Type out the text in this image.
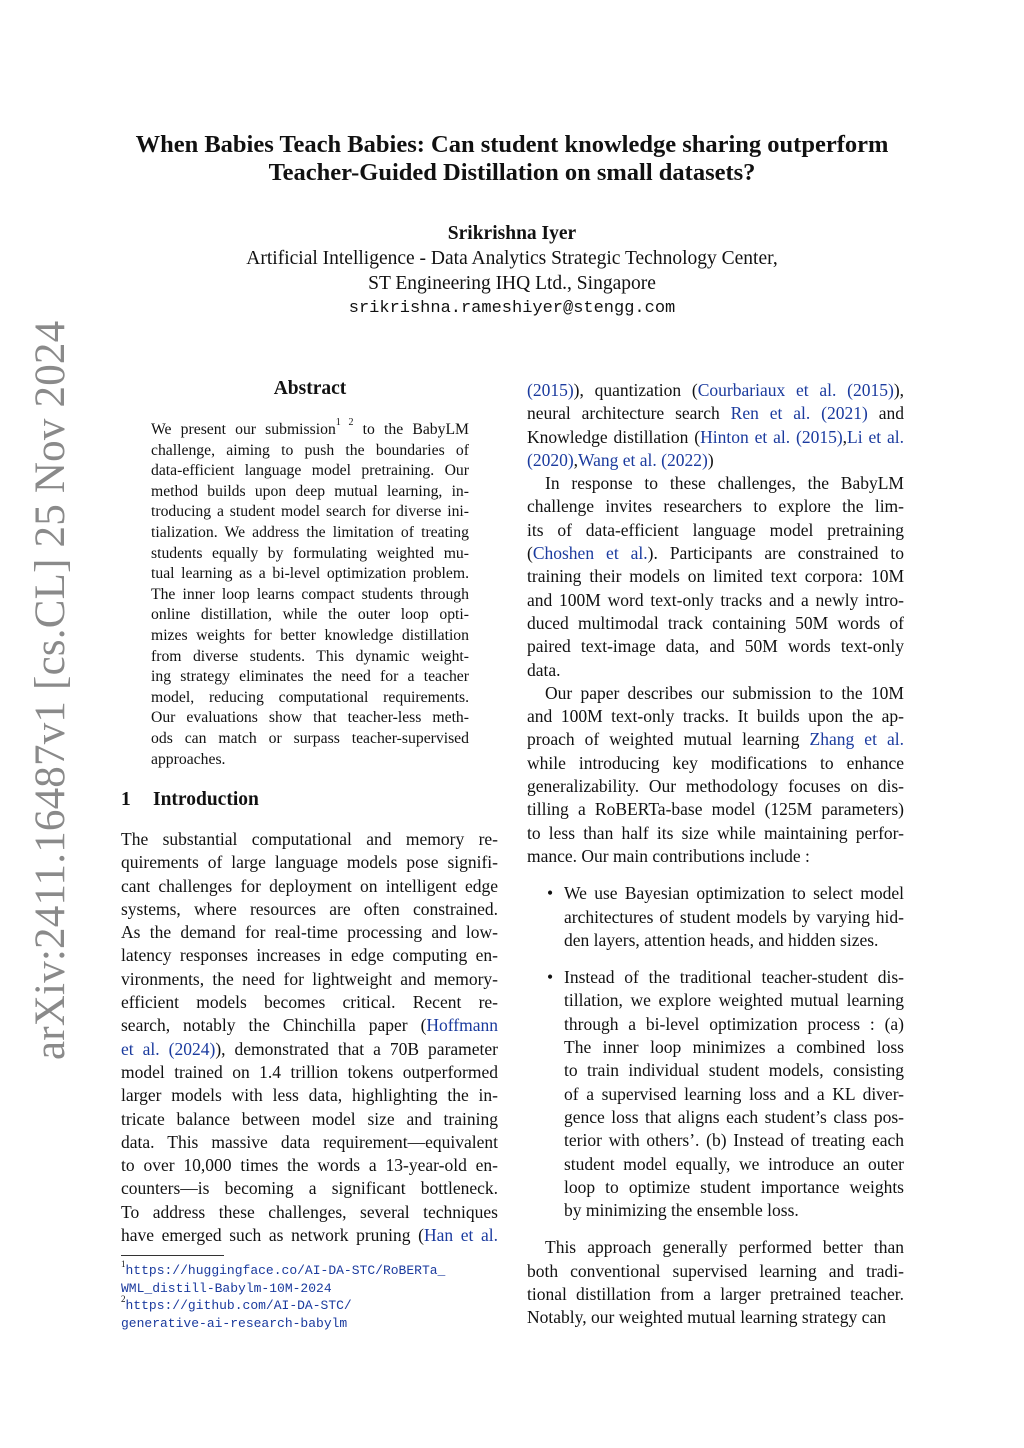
arXiv:2411.16487v1 [cs.CL] 25 Nov 2024
When Babies Teach Babies: Can student knowledge sharing outperform
Teacher-Guided Distillation on small datasets?
Srikrishna Iyer
Artificial Intelligence - Data Analytics Strategic Technology Center,
ST Engineering IHQ Ltd., Singapore
srikrishna.rameshiyer@stengg.com
Abstract
We present our submission$^{1 2}$ to the BabyLM
challenge, aiming to push the boundaries of
data-efficient language model pretraining. Our
method builds upon deep mutual learning, in-
troducing a student model search for diverse ini-
tialization. We address the limitation of treating
students equally by formulating weighted mu-
tual learning as a bi-level optimization problem.
The inner loop learns compact students through
online distillation, while the outer loop opti-
mizes weights for better knowledge distillation
from diverse students. This dynamic weight-
ing strategy eliminates the need for a teacher
model, reducing computational requirements.
Our evaluations show that teacher-less meth-
ods can match or surpass teacher-supervised
approaches.
1 Introduction
The substantial computational and memory re-
quirements of large language models pose signifi-
cant challenges for deployment on intelligent edge
systems, where resources are often constrained.
As the demand for real-time processing and low-
latency responses increases in edge computing en-
vironments, the need for lightweight and memory-
efficient models becomes critical. Recent re-
search, notably the Chinchilla paper (Hoffmann
et al. (2024)), demonstrated that a 70B parameter
model trained on 1.4 trillion tokens outperformed
larger models with less data, highlighting the in-
tricate balance between model size and training
data. This massive data requirement—equivalent
to over 10,000 times the words a 13-year-old en-
counters—is becoming a significant bottleneck.
To address these challenges, several techniques
have emerged such as network pruning (Han et al.
$^1$https://huggingface.co/AI-DA-STC/RoBERTa_
WML_distill-Babylm-10M-2024
$^2$https://github.com/AI-DA-STC/
generative-ai-research-babylm
(2015)), quantization (Courbariaux et al. (2015)),
neural architecture search Ren et al. (2021) and
Knowledge distillation (Hinton et al. (2015),Li et al.
(2020),Wang et al. (2022))
In response to these challenges, the BabyLM
challenge invites researchers to explore the lim-
its of data-efficient language model pretraining
(Choshen et al.). Participants are constrained to
training their models on limited text corpora: 10M
and 100M word text-only tracks and a newly intro-
duced multimodal track containing 50M words of
paired text-image data, and 50M words text-only
data.
Our paper describes our submission to the 10M
and 100M text-only tracks. It builds upon the ap-
proach of weighted mutual learning Zhang et al.
while introducing key modifications to enhance
generalizability. Our methodology focuses on dis-
tilling a RoBERTa-base model (125M parameters)
to less than half its size while maintaining perfor-
mance. Our main contributions include :
• We use Bayesian optimization to select model
architectures of student models by varying hid-
den layers, attention heads, and hidden sizes.
• Instead of the traditional teacher-student dis-
tillation, we explore weighted mutual learning
through a bi-level optimization process : (a)
The inner loop minimizes a combined loss
to train individual student models, consisting
of a supervised learning loss and a KL diver-
gence loss that aligns each student’s class pos-
terior with others’. (b) Instead of treating each
student model equally, we introduce an outer
loop to optimize student importance weights
by minimizing the ensemble loss.
This approach generally performed better than
both conventional supervised learning and tradi-
tional distillation from a larger pretrained teacher.
Notably, our weighted mutual learning strategy can
